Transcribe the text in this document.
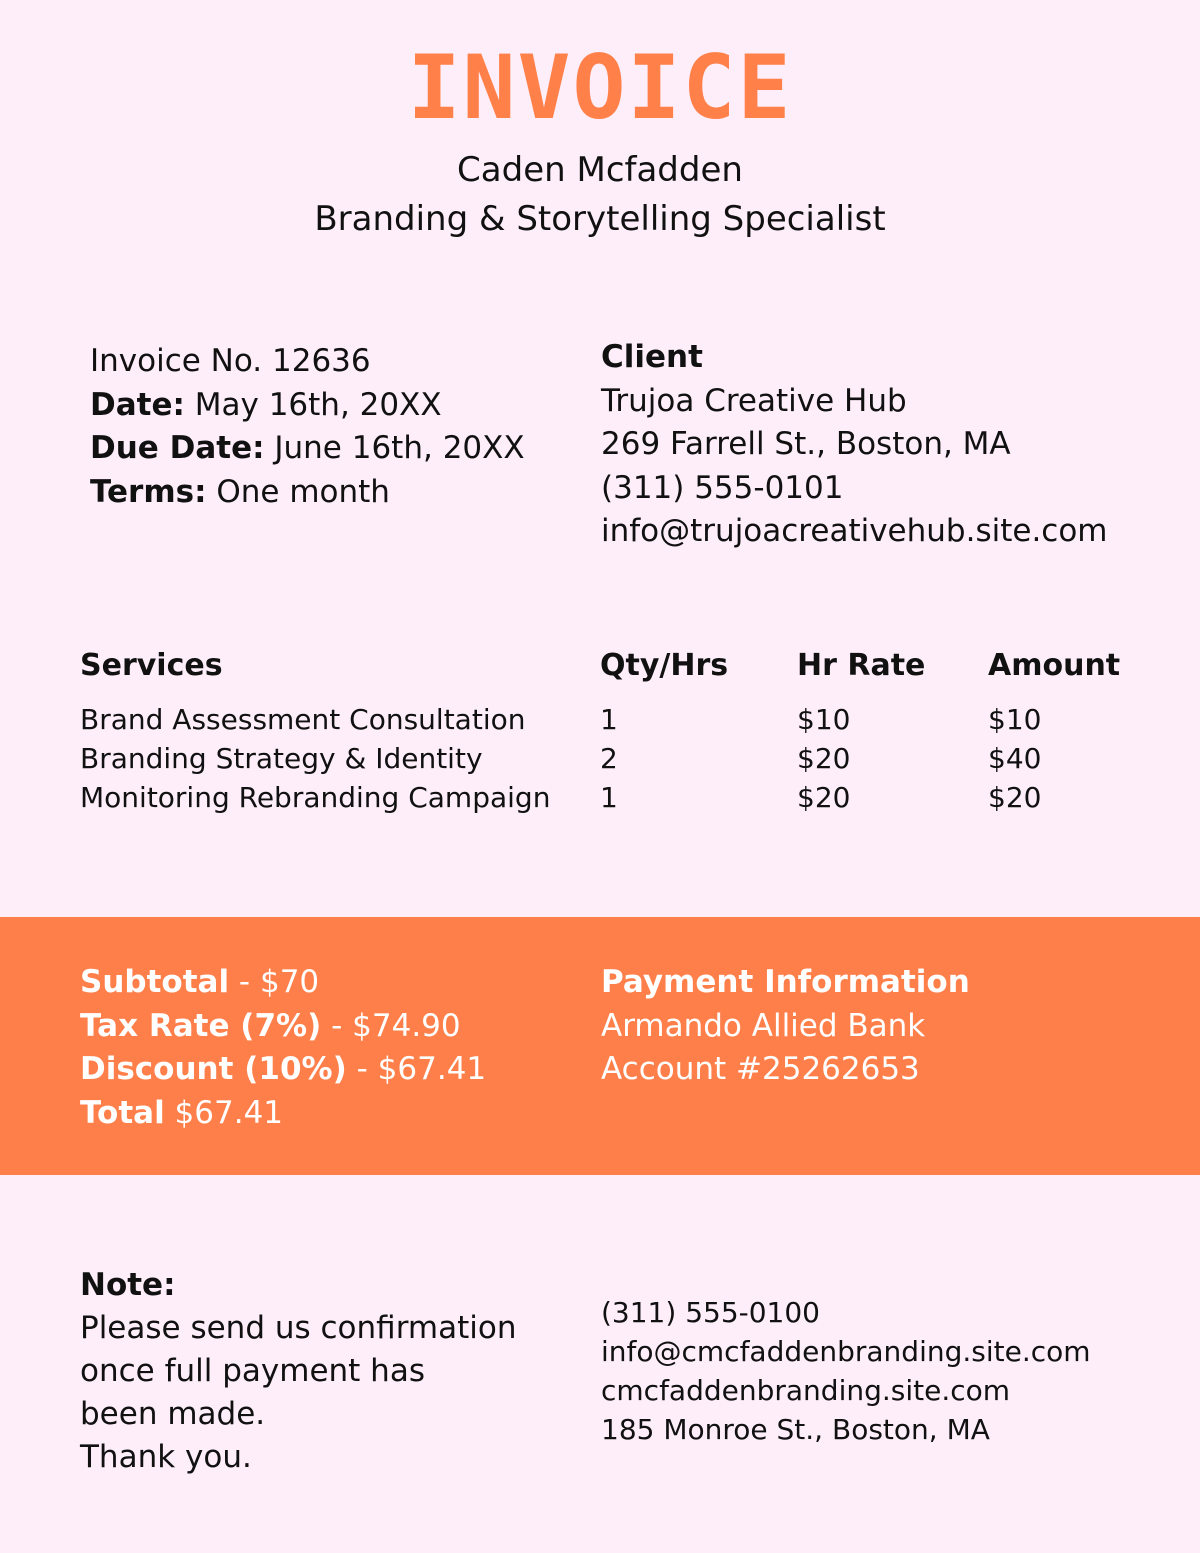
INVOICE
Caden Mcfadden
Branding & Storytelling Specialist
Invoice No. 12636
Date: May 16th, 20XX
Due Date: June 16th, 20XX
Terms: One month
Client
Trujoa Creative Hub
269 Farrell St., Boston, MA
(311) 555-0101
info@trujoacreativehub.site.com
Services	Qty/Hrs Hr Rate Amount
Brand Assessment Consultation
Branding Strategy & Identity
Monitoring Rebranding Campaign
1
2
1
$10
$20
$20
$10
$40
$20
Subtotal - $70
Tax Rate (7%) - $74.90
Discount (10%) - $67.41
Total $67.41
Payment Information
Armando Allied Bank
Account #25262653
Note:
Please send us confirmation
once full payment has
been made.
Thank you.
(311) 555-0100
info@cmcfaddenbranding.site.com
cmcfaddenbranding.site.com
185 Monroe St., Boston, MA
